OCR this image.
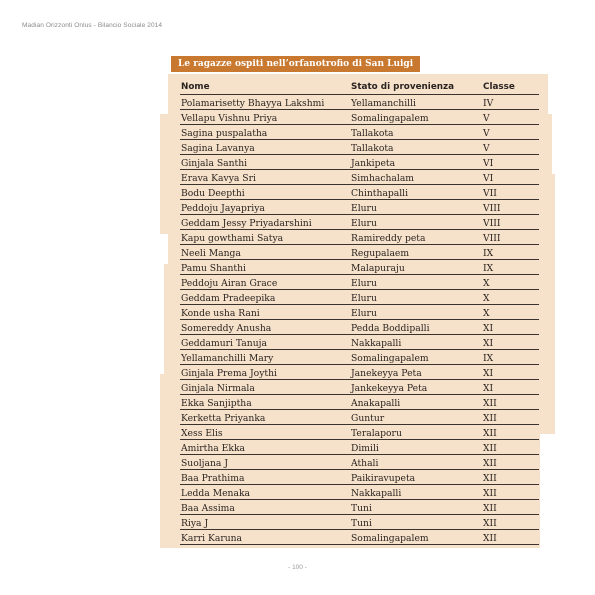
Madian Orizzonti Onlus - Bilancio Sociale 2014
Le ragazze ospiti nell’orfanotrofio di San Luigi
Nome	Stato di provenienza	Classe
Polamarisetty Bhayya Lakshmi	Yellamanchilli	IV
Vellapu Vishnu Priya	Somalingapalem	V
Sagina puspalatha	Tallakota	V
Sagina Lavanya	Tallakota	V
Ginjala Santhi	Jankipeta	VI
Erava Kavya Sri	Simhachalam	VI
Bodu Deepthi	Chinthapalli	VII
Peddoju Jayapriya	Eluru	VIII
Geddam Jessy Priyadarshini	Eluru	VIII
Kapu gowthami Satya	Ramireddy peta	VIII
Neeli Manga	Regupalaem	IX
Pamu Shanthi	Malapuraju	IX
Peddoju Airan Grace	Eluru	X
Geddam Pradeepika	Eluru	X
Konde usha Rani	Eluru	X
Somereddy Anusha	Pedda Boddipalli	XI
Geddamuri Tanuja	Nakkapalli	XI
Yellamanchilli Mary	Somalingapalem	IX
Ginjala Prema Joythi	Janekeyya Peta	XI
Ginjala Nirmala	Jankekeyya Peta	XI
Ekka Sanjiptha	Anakapalli	XII
Kerketta Priyanka	Guntur	XII
Xess Elis	Teralaporu	XII
Amirtha Ekka	Dimili	XII
Suoljana J	Athali	XII
Baa Prathima	Paikiravupeta	XII
Ledda Menaka	Nakkapalli	XII
Baa Assima	Tuni	XII
Riya J	Tuni	XII
Karri Karuna	Somalingapalem	XII
- 100 -
